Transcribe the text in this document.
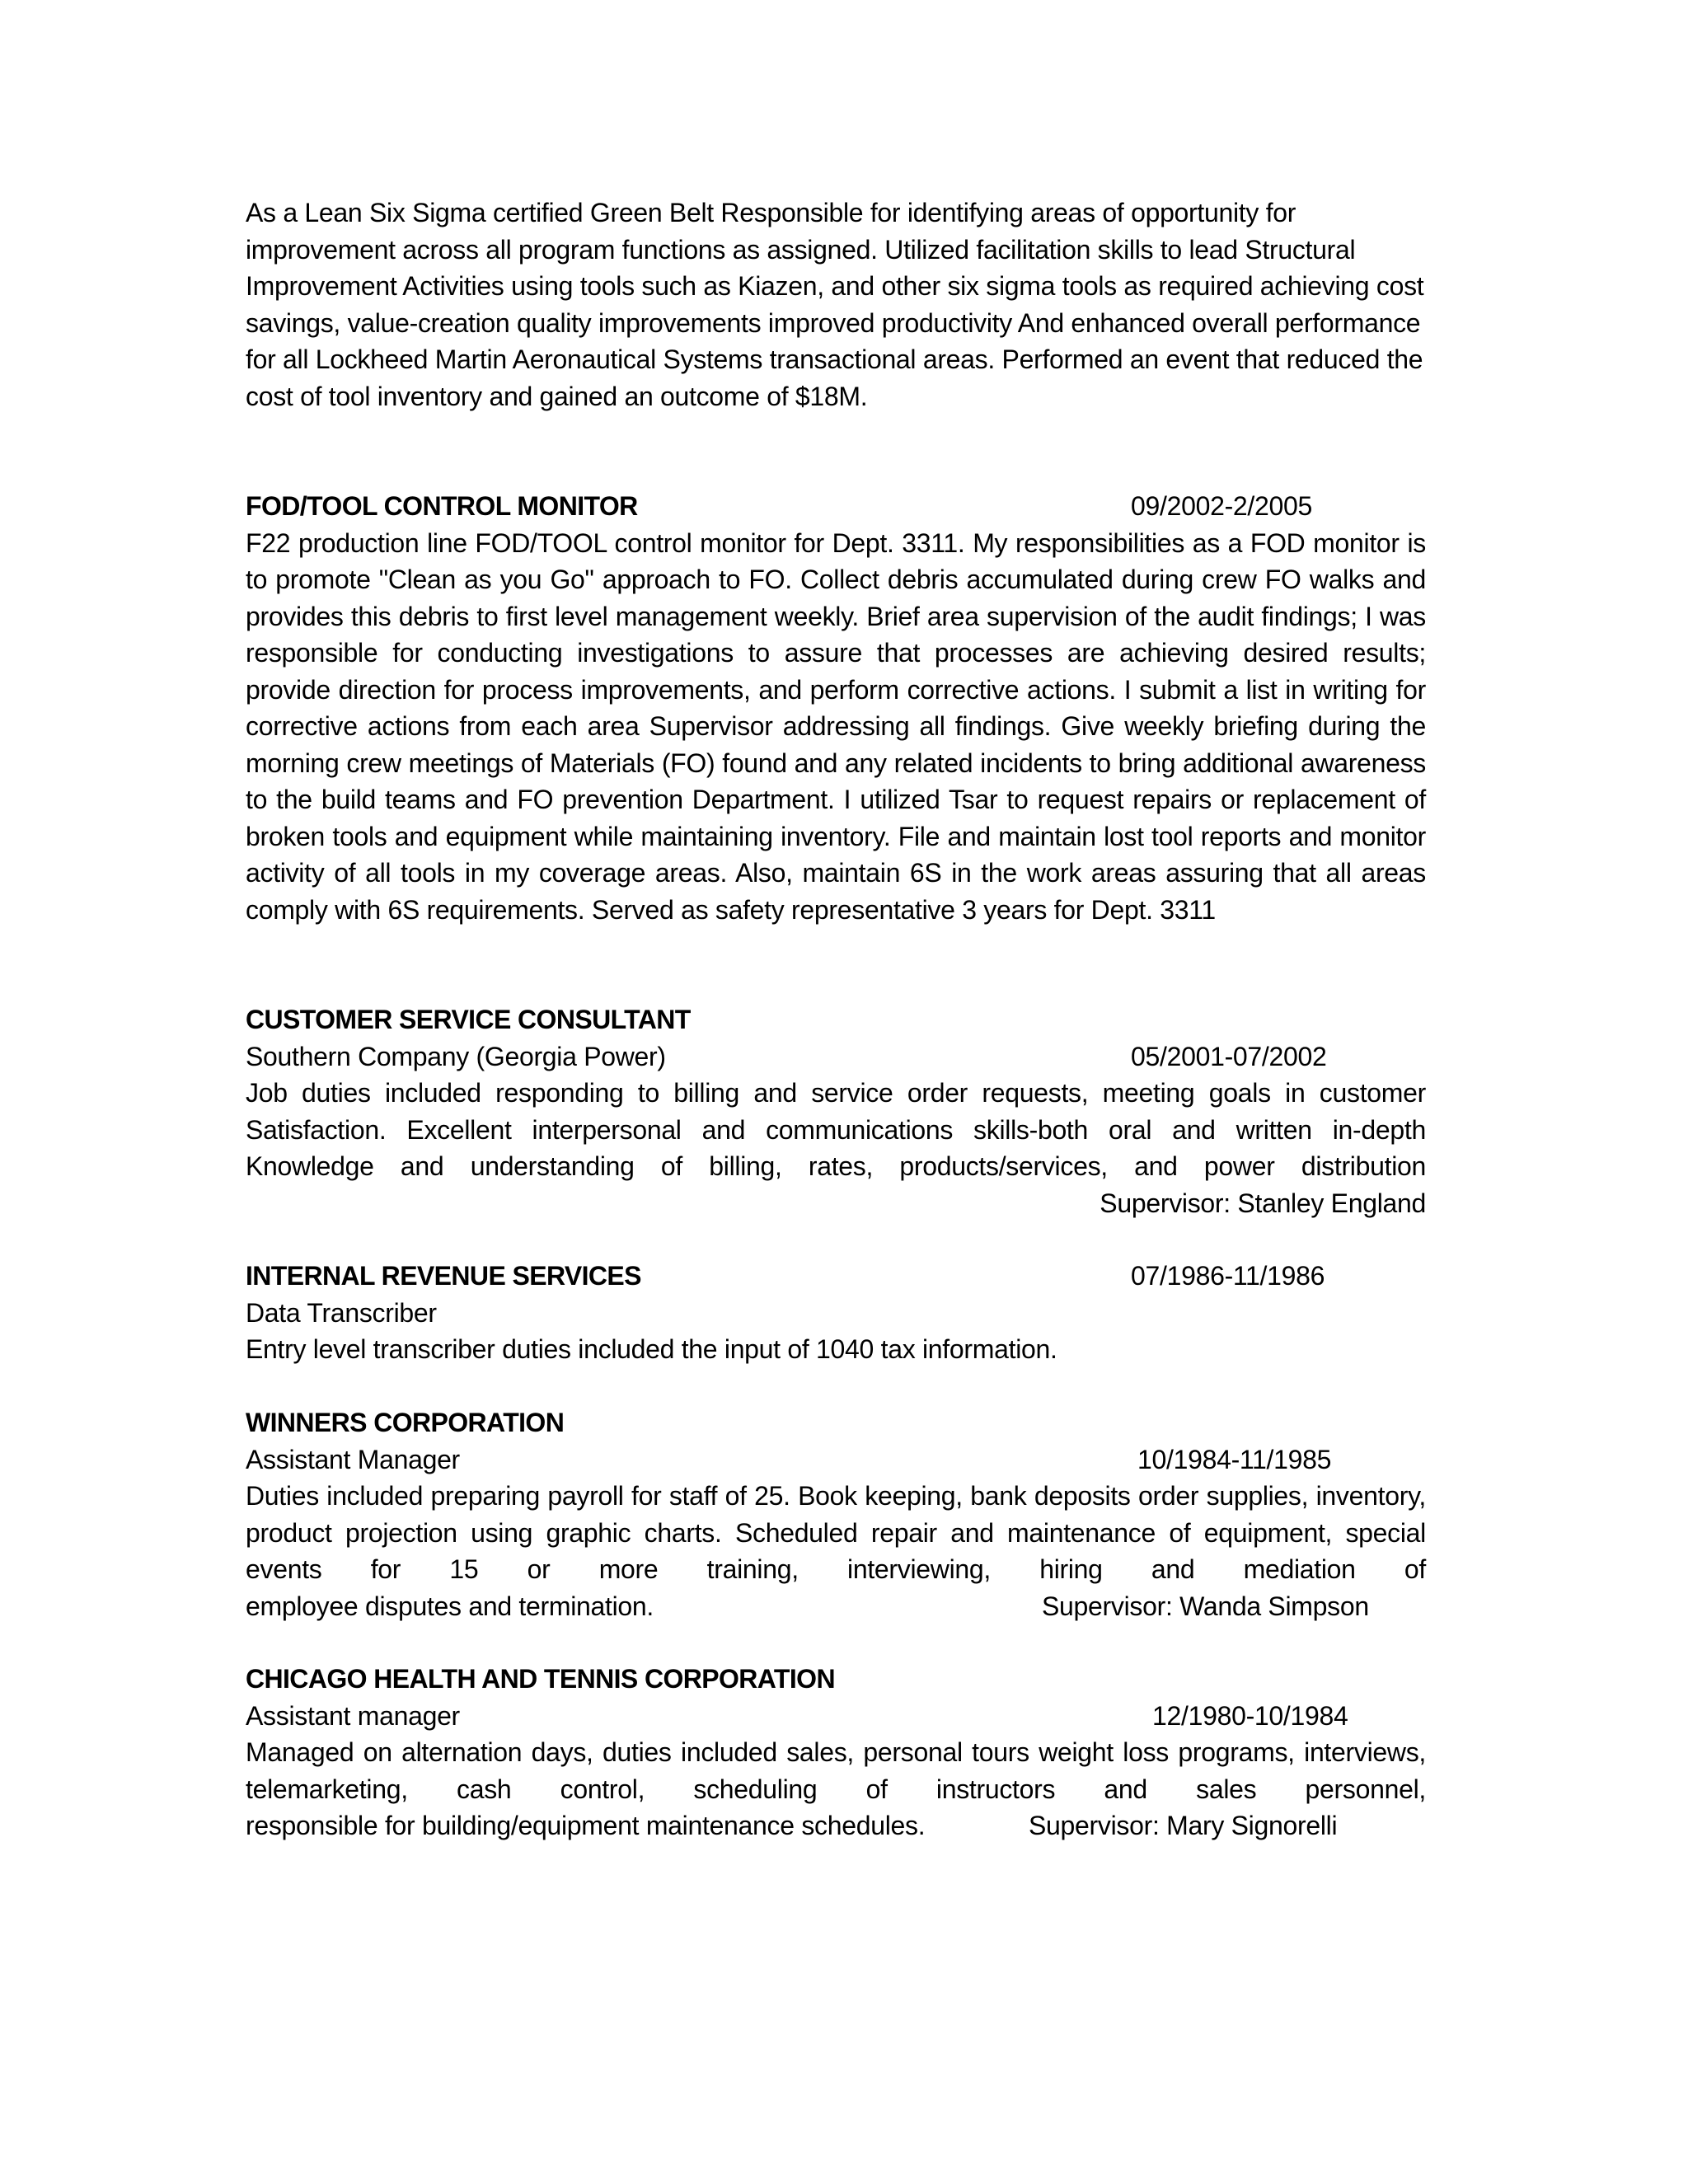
As a Lean Six Sigma certified Green Belt Responsible for identifying areas of opportunity for improvement across all program functions as assigned. Utilized facilitation skills to lead Structural Improvement Activities using tools such as Kiazen, and other six sigma tools as required achieving cost savings, value-creation quality improvements improved productivity And enhanced overall performance for all Lockheed Martin Aeronautical Systems transactional areas. Performed an event that reduced the cost of tool inventory and gained an outcome of $18M.

FOD/TOOL CONTROL MONITOR	09/2002-2/2005

F22 production line FOD/TOOL control monitor for Dept. 3311. My responsibilities as a FOD monitor is to promote "Clean as you Go" approach to FO. Collect debris accumulated during crew FO walks and provides this debris to first level management weekly. Brief area supervision of the audit findings; I was responsible for conducting investigations to assure that processes are achieving desired results; provide direction for process improvements, and perform corrective actions. I submit a list in writing for corrective actions from each area Supervisor addressing all findings. Give weekly briefing during the morning crew meetings of Materials (FO) found and any related incidents to bring additional awareness to the build teams and FO prevention Department. I utilized Tsar to request repairs or replacement of broken tools and equipment while maintaining inventory. File and maintain lost tool reports and monitor activity of all tools in my coverage areas. Also, maintain 6S in the work areas assuring that all areas comply with 6S requirements. Served as safety representative 3 years for Dept. 3311

CUSTOMER SERVICE CONSULTANT
Southern Company (Georgia Power)	05/2001-07/2002

Job duties included responding to billing and service order requests, meeting goals in customer Satisfaction. Excellent interpersonal and communications skills-both oral and written in-depth Knowledge and understanding of billing, rates, products/services, and power distribution

Supervisor: Stanley England
INTERNAL REVENUE SERVICES	07/1986-11/1986
Data Transcriber
Entry level transcriber duties included the input of 1040 tax information.
WINNERS CORPORATION
Assistant Manager	10/1984-11/1985

Duties included preparing payroll for staff of 25. Book keeping, bank deposits order supplies, inventory, product projection using graphic charts. Scheduled repair and maintenance of equipment, special events for 15 or more training, interviewing, hiring and mediation of

employee disputes and termination.	Supervisor: Wanda Simpson
CHICAGO HEALTH AND TENNIS CORPORATION
Assistant manager	12/1980-10/1984

Managed on alternation days, duties included sales, personal tours weight loss programs, interviews, telemarketing, cash control, scheduling of instructors and sales personnel,

responsible for building/equipment maintenance schedules.	Supervisor: Mary Signorelli
